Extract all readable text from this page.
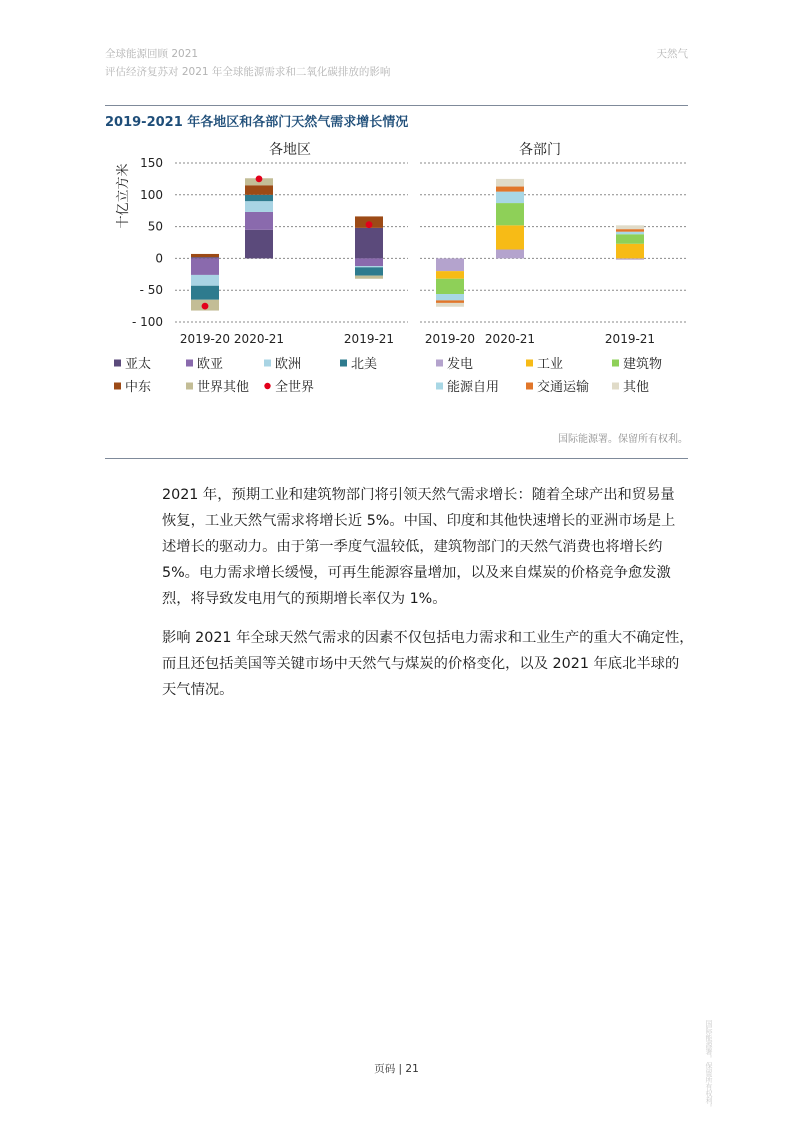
全球能源回顾 2021
评估经济复苏对 2021 年全球能源需求和二氧化碳排放的影响
天然气
2019-2021 年各地区和各部门天然气需求增长情况
各地区
150
100
50
0
- 50
- 100
十亿立方米
2019-20 2020-21	2019-21
亚太	欧亚	欧洲	北美
中东	世界其他 全世界
各部门
2019-20 2020-21	2019-21
发电	工业	建筑物
能源自用	交通运输	其他
国际能源署。保留所有权利。
2021 年，预期工业和建筑物部门将引领天然气需求增长：随着全球产出和贸易量
恢复，工业天然气需求将增长近 5%。中国、印度和其他快速增长的亚洲市场是上
述增长的驱动力。由于第一季度气温较低，建筑物部门的天然气消费也将增长约
5%。电力需求增长缓慢，可再生能源容量增加，以及来自煤炭的价格竞争愈发激
烈，将导致发电用气的预期增长率仅为 1%。
影响 2021 年全球天然气需求的因素不仅包括电力需求和工业生产的重大不确定性，
而且还包括美国等关键市场中天然气与煤炭的价格变化，以及 2021 年底北半球的
天气情况。
页码 | 21	国际能源署。保留所有权利。
